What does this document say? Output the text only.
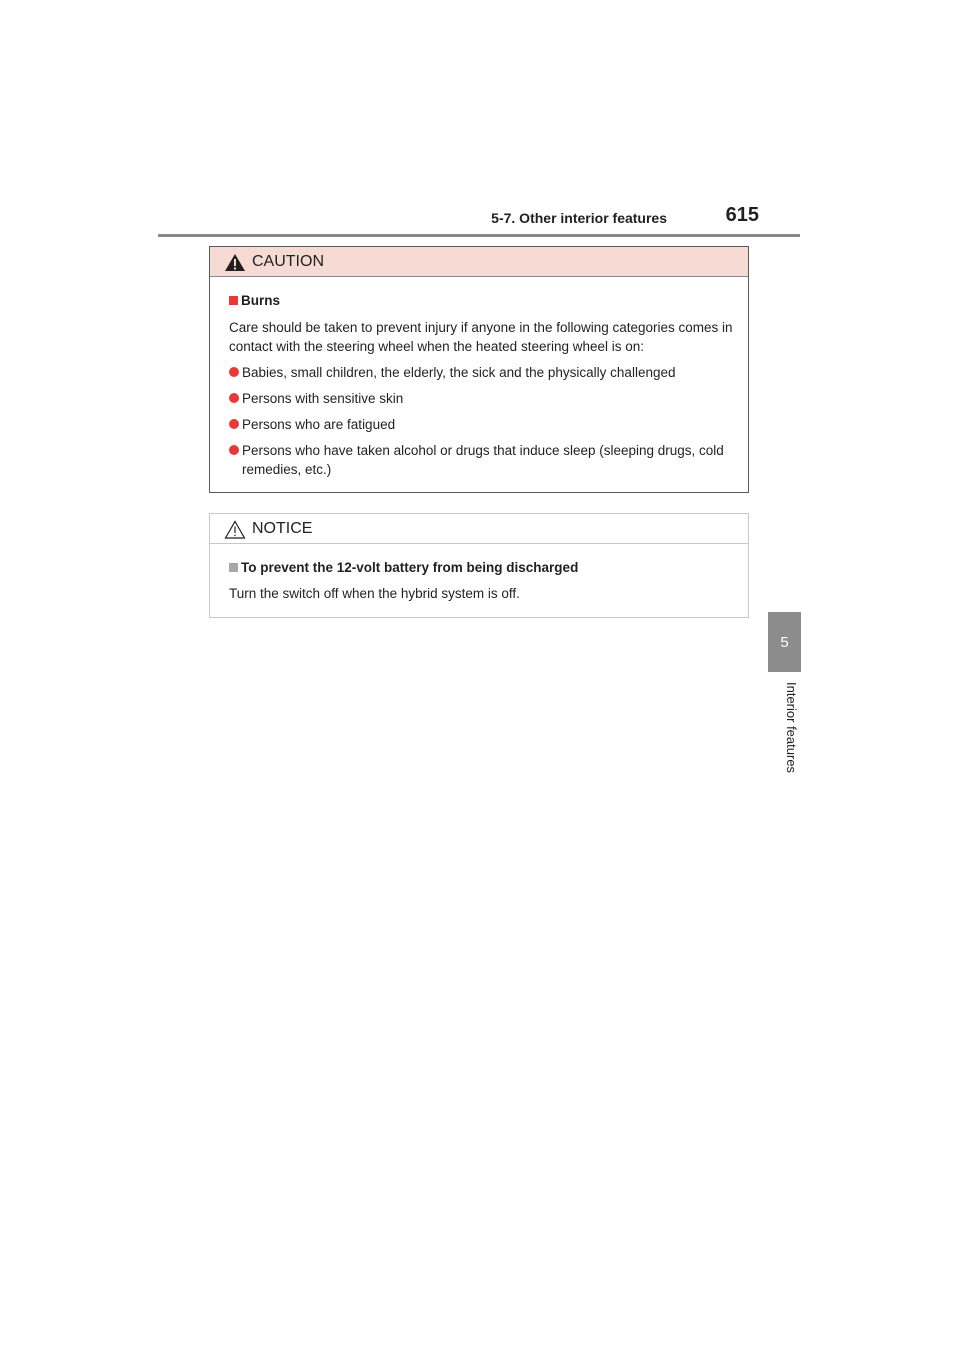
5-7. Other interior features	615
5
Interior features
CAUTION
Burns

Care should be taken to prevent injury if anyone in the following categories comes in contact with the steering wheel when the heated steering wheel is on:

Babies, small children, the elderly, the sick and the physically challenged
Persons with sensitive skin
Persons who are fatigued
Persons who have taken alcohol or drugs that induce sleep (sleeping drugs, cold remedies, etc.)
NOTICE
To prevent the 12-volt battery from being discharged

Turn the switch off when the hybrid system is off.
